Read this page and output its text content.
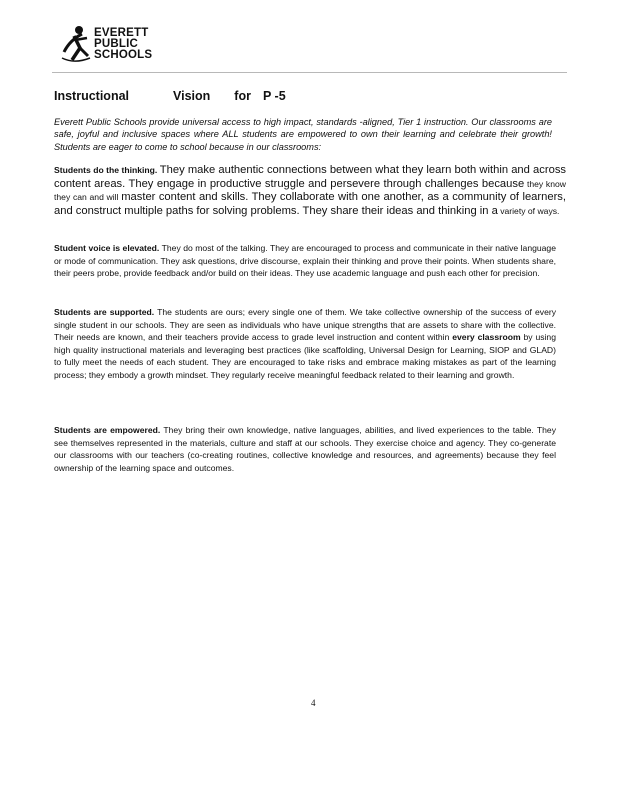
EVERETT
PUBLIC
SCHOOLS
Instructional	Vision for P -5
Everett Public Schools provide universal access to high impact, standards -aligned, Tier 1 instruction. Our classrooms are safe, joyful and inclusive spaces where ALL students are empowered to own their learning and celebrate their growth! Students are eager to come to school because in our classrooms:
Students do the thinking. They make authentic connections between what they learn both within and across content areas. They engage in productive struggle and persevere through challenges because they know they can and will master content and skills. They collaborate with one another, as a community of learners, and construct multiple paths for solving problems. They share their ideas and thinking in a variety of ways.
Student voice is elevated. They do most of the talking. They are encouraged to process and communicate in their native language or mode of communication. They ask questions, drive discourse, explain their thinking and prove their points. When students share, their peers probe, provide feedback and/or build on their ideas. They use academic language and push each other for precision.
Students are supported. The students are ours; every single one of them. We take collective ownership of the success of every single student in our schools. They are seen as individuals who have unique strengths that are assets to share with the collective. Their needs are known, and their teachers provide access to grade level instruction and content within every classroom by using high quality instructional materials and leveraging best practices (like scaffolding, Universal Design for Learning, SIOP and GLAD) to fully meet the needs of each student. They are encouraged to take risks and embrace making mistakes as part of the learning process; they embody a growth mindset. They regularly receive meaningful feedback related to their learning and growth.
Students are empowered. They bring their own knowledge, native languages, abilities, and lived experiences to the table. They see themselves represented in the materials, culture and staff at our schools. They exercise choice and agency. They co-generate our classrooms with our teachers (co-creating routines, collective knowledge and resources, and agreements) because they feel ownership of the learning space and outcomes.
4
